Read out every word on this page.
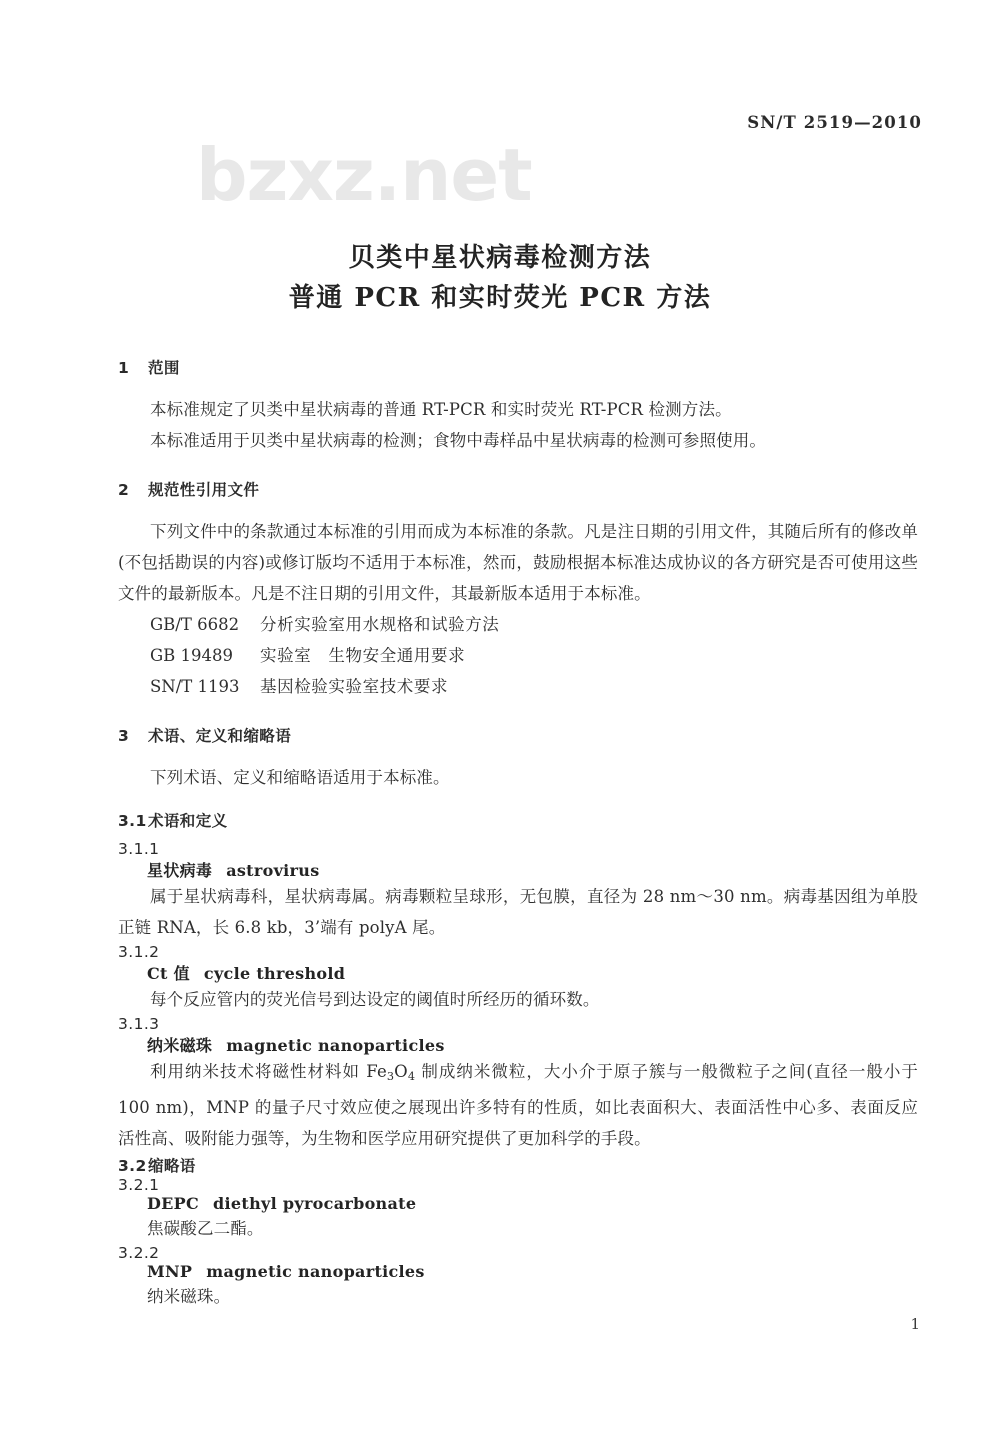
SN/T 2519—2010
bzxz.net
贝类中星状病毒检测方法
普通 PCR 和实时荧光 PCR 方法
1 范围
本标准规定了贝类中星状病毒的普通 RT-PCR 和实时荧光 RT-PCR 检测方法。
本标准适用于贝类中星状病毒的检测；食物中毒样品中星状病毒的检测可参照使用。
2 规范性引用文件

下列文件中的条款通过本标准的引用而成为本标准的条款。凡是注日期的引用文件，其随后所有的修改单(不包括勘误的内容)或修订版均不适用于本标准，然而，鼓励根据本标准达成协议的各方研究是否可使用这些文件的最新版本。凡是不注日期的引用文件，其最新版本适用于本标准。

GB/T 6682 分析实验室用水规格和试验方法
GB 19489 实验室　生物安全通用要求
SN/T 1193 基因检验实验室技术要求
3 术语、定义和缩略语
下列术语、定义和缩略语适用于本标准。
3.1术语和定义
3.1.1
星状病毒 astrovirus

属于星状病毒科，星状病毒属。病毒颗粒呈球形，无包膜，直径为 28 nm～30 nm。病毒基因组为单股正链 RNA，长 6.8 kb，3’端有 polyA 尾。

3.1.2
Ct 值 cycle threshold
每个反应管内的荧光信号到达设定的阈值时所经历的循环数。
3.1.3
纳米磁珠 magnetic nanoparticles

利用纳米技术将磁性材料如 $Fe_3O_4$ 制成纳米微粒，大小介于原子簇与一般微粒子之间(直径一般小于 100 nm)，MNP 的量子尺寸效应使之展现出许多特有的性质，如比表面积大、表面活性中心多、表面反应活性高、吸附能力强等，为生物和医学应用研究提供了更加科学的手段。

3.2缩略语
3.2.1
DEPC diethyl pyrocarbonate
焦碳酸乙二酯。
3.2.2
MNP magnetic nanoparticles
纳米磁珠。
1
